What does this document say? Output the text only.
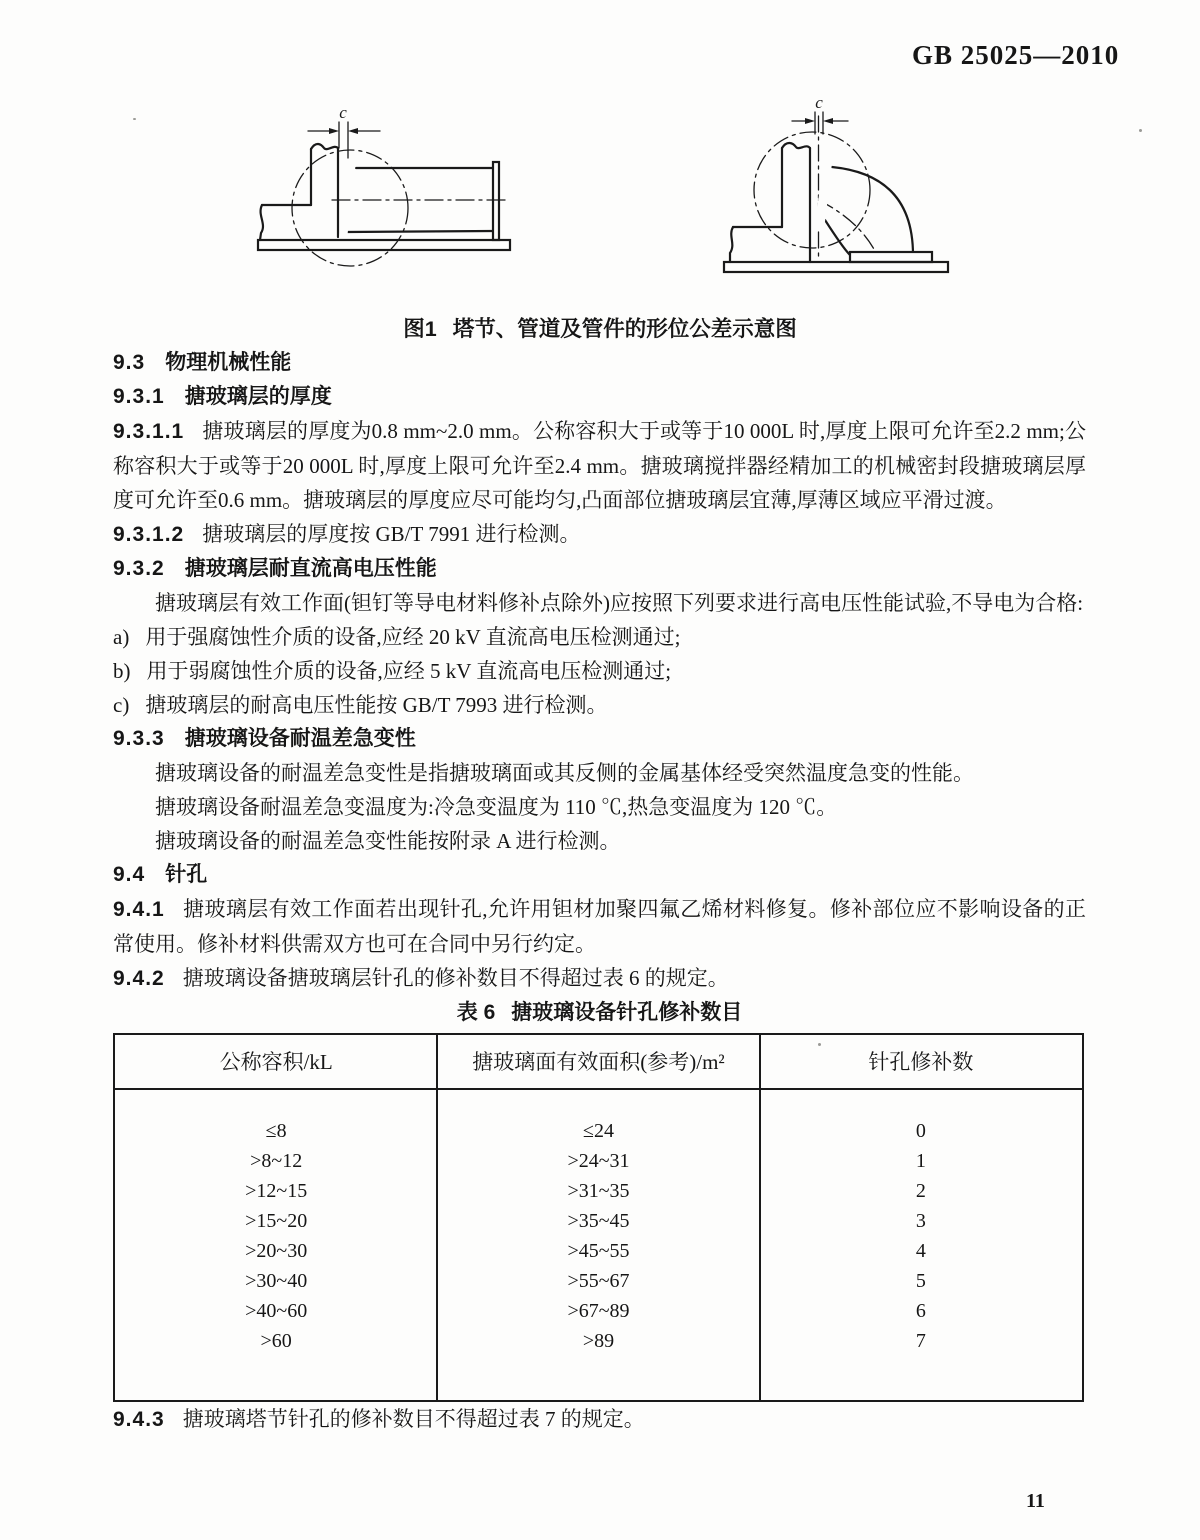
GB 25025—2010
c
c
图1 塔节、管道及管件的形位公差示意图

9.3 物理机械性能

9.3.1 搪玻璃层的厚度

9.3.1.1 搪玻璃层的厚度为0.8 mm~2.0 mm。公称容积大于或等于10 000L 时,厚度上限可允许至2.2 mm;公称容积大于或等于20 000L 时,厚度上限可允许至2.4 mm。搪玻璃搅拌器经精加工的机械密封段搪玻璃层厚度可允许至0.6 mm。搪玻璃层的厚度应尽可能均匀,凸面部位搪玻璃层宜薄,厚薄区域应平滑过渡。

9.3.1.2 搪玻璃层的厚度按 GB/T 7991 进行检测。

9.3.2 搪玻璃层耐直流高电压性能

搪玻璃层有效工作面(钽钉等导电材料修补点除外)应按照下列要求进行高电压性能试验,不导电为合格:

a) 用于强腐蚀性介质的设备,应经 20 kV 直流高电压检测通过;

b) 用于弱腐蚀性介质的设备,应经 5 kV 直流高电压检测通过;

c) 搪玻璃层的耐高电压性能按 GB/T 7993 进行检测。

9.3.3 搪玻璃设备耐温差急变性

搪玻璃设备的耐温差急变性是指搪玻璃面或其反侧的金属基体经受突然温度急变的性能。

搪玻璃设备耐温差急变温度为:冷急变温度为 110 ℃,热急变温度为 120 ℃。

搪玻璃设备的耐温差急变性能按附录 A 进行检测。

9.4 针孔

9.4.1 搪玻璃层有效工作面若出现针孔,允许用钽材加聚四氟乙烯材料修复。修补部位应不影响设备的正常使用。修补材料供需双方也可在合同中另行约定。

9.4.2 搪玻璃设备搪玻璃层针孔的修补数目不得超过表 6 的规定。

表 6 搪玻璃设备针孔修补数目
公称容积/kL	搪玻璃面有效面积(参考)/m²	针孔修补数
≤8	≤24	0
>8~12	>24~31	1
>12~15	>31~35	2
>15~20	>35~45	3
>20~30	>45~55	4
>30~40	>55~67	5
>40~60	>67~89	6
>60	>89	7

9.4.3 搪玻璃塔节针孔的修补数目不得超过表 7 的规定。

11
